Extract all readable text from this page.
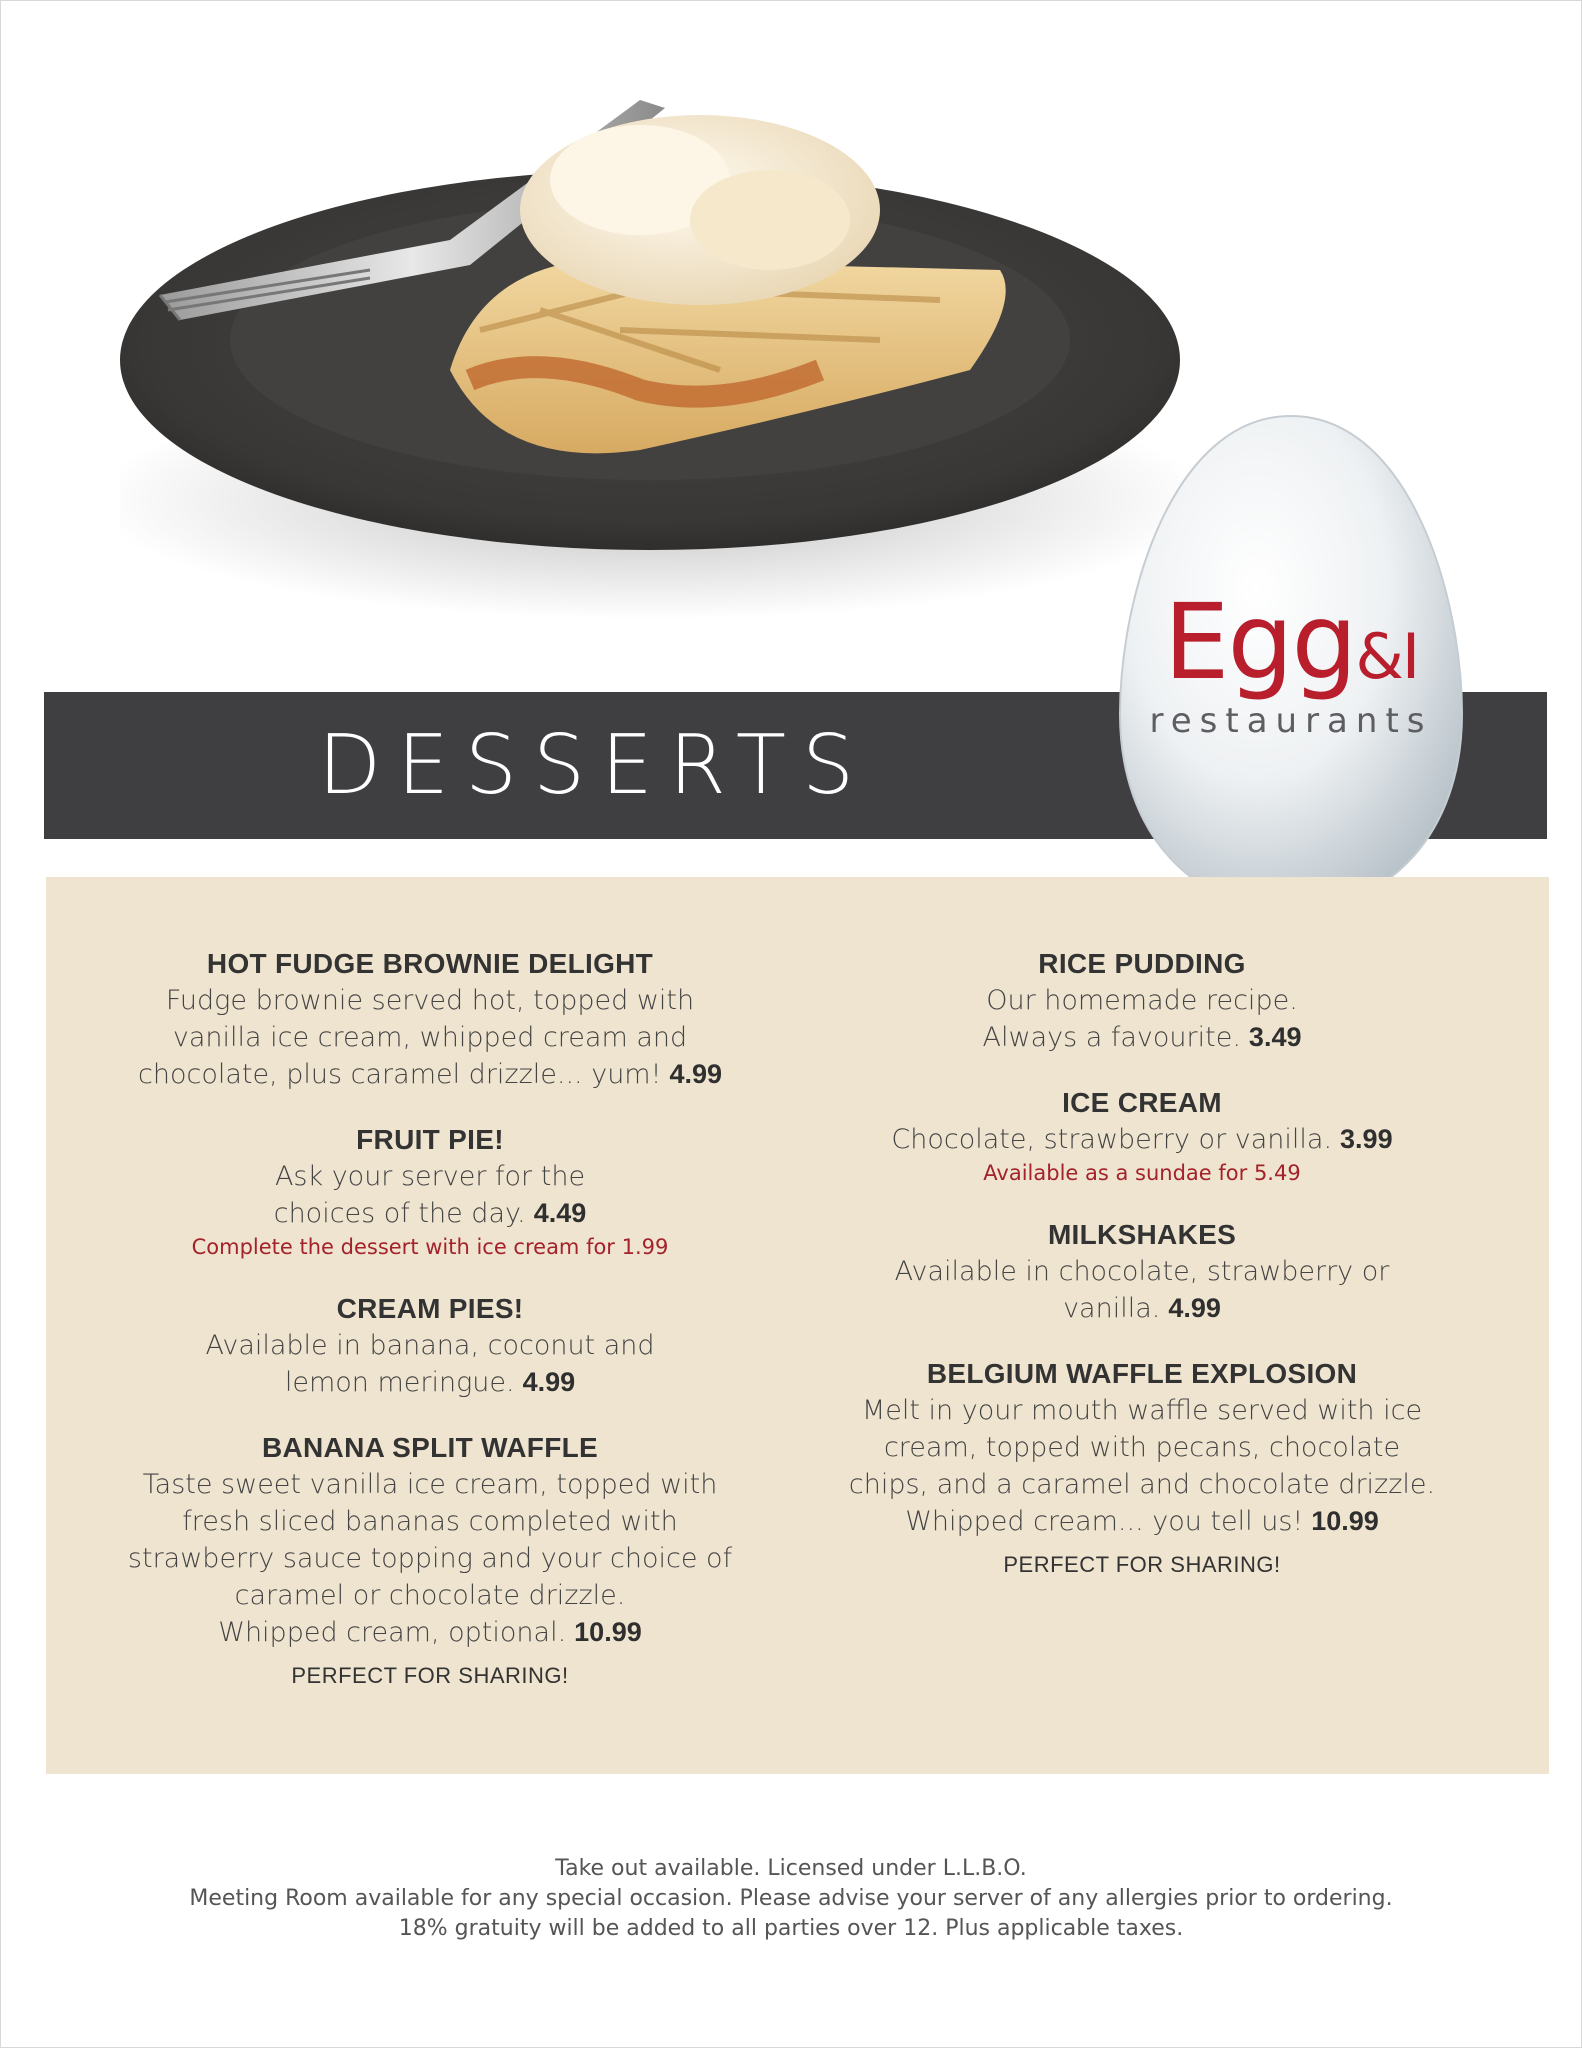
DESSERTS
Egg&I
restaurants
HOT FUDGE BROWNIE DELIGHT
Fudge brownie served hot, topped with
vanilla ice cream, whipped cream and
chocolate, plus caramel drizzle... yum! 4.99
FRUIT PIE!
Ask your server for the
choices of the day. 4.49
Complete the dessert with ice cream for 1.99
CREAM PIES!
Available in banana, coconut and
lemon meringue. 4.99
BANANA SPLIT WAFFLE
Taste sweet vanilla ice cream, topped with
fresh sliced bananas completed with
strawberry sauce topping and your choice of
caramel or chocolate drizzle.
Whipped cream, optional. 10.99
PERFECT FOR SHARING!
RICE PUDDING
Our homemade recipe.
Always a favourite. 3.49
ICE CREAM
Chocolate, strawberry or vanilla. 3.99
Available as a sundae for 5.49
MILKSHAKES
Available in chocolate, strawberry or
vanilla. 4.99
BELGIUM WAFFLE EXPLOSION
Melt in your mouth waffle served with ice
cream, topped with pecans, chocolate
chips, and a caramel and chocolate drizzle.
Whipped cream... you tell us! 10.99
PERFECT FOR SHARING!
Take out available. Licensed under L.L.B.O.
Meeting Room available for any special occasion. Please advise your server of any allergies prior to ordering.
18% gratuity will be added to all parties over 12. Plus applicable taxes.
